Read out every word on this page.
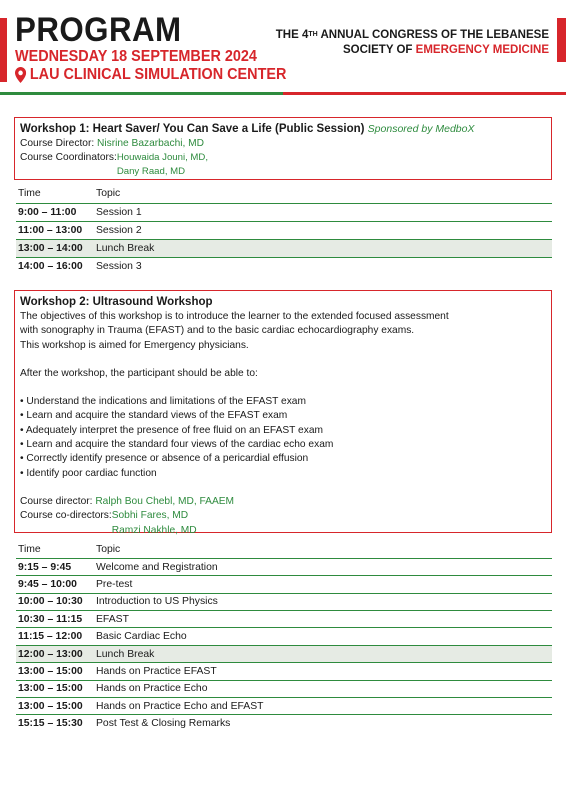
PROGRAM
WEDNESDAY 18 SEPTEMBER 2024
LAU CLINICAL SIMULATION CENTER
THE 4TH ANNUAL CONGRESS OF THE LEBANESE
SOCIETY OF EMERGENCY MEDICINE
Workshop 1: Heart Saver/ You Can Save a Life (Public Session) Sponsored by MedboX
Course Director: Nisrine Bazarbachi, MD
Course Coordinators: Houwaida Jouni, MD,
Dany Raad, MD
Time	Topic
9:00 – 11:00	Session 1
11:00 – 13:00	Session 2
13:00 – 14:00	Lunch Break
14:00 – 16:00	Session 3
Workshop 2: Ultrasound Workshop
The objectives of this workshop is to introduce the learner to the extended focused assessment
with sonography in Trauma (EFAST) and to the basic cardiac echocardiography exams.
This workshop is aimed for Emergency physicians.
After the workshop, the participant should be able to:
• Understand the indications and limitations of the EFAST exam
• Learn and acquire the standard views of the EFAST exam
• Adequately interpret the presence of free fluid on an EFAST exam
• Learn and acquire the standard four views of the cardiac echo exam
• Correctly identify presence or absence of a pericardial effusion
• Identify poor cardiac function
Course director: Ralph Bou Chebl, MD, FAAEM
Course co-directors: Sobhi Fares, MD
Ramzi Nakhle, MD
Time	Topic
9:15 – 9:45	Welcome and Registration
9:45 – 10:00	Pre-test
10:00 – 10:30	Introduction to US Physics
10:30 – 11:15	EFAST
11:15 – 12:00	Basic Cardiac Echo
12:00 – 13:00	Lunch Break
13:00 – 15:00	Hands on Practice EFAST
13:00 – 15:00	Hands on Practice Echo
13:00 – 15:00	Hands on Practice Echo and EFAST
15:15 – 15:30	Post Test & Closing Remarks
